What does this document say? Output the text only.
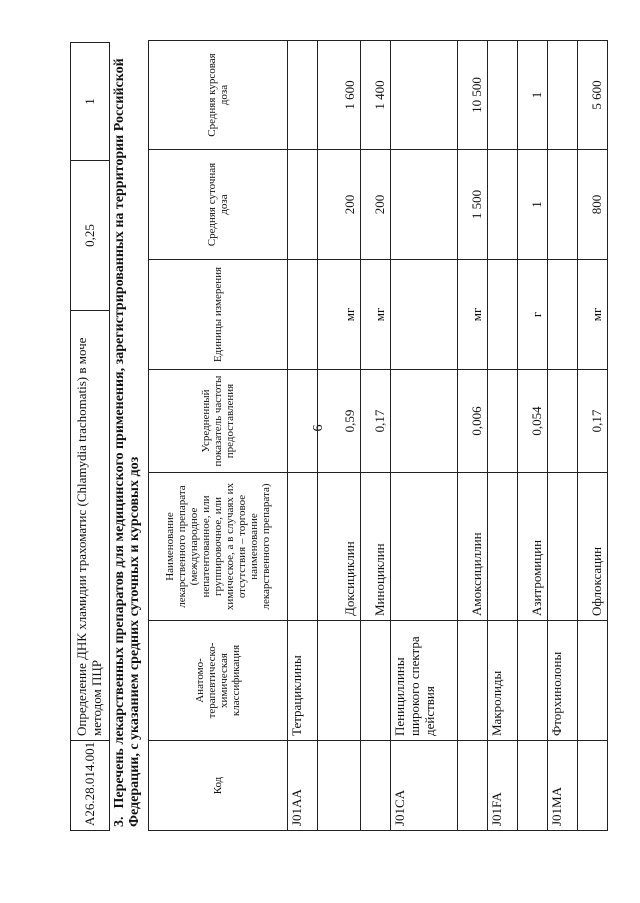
6
A26.28.014.001	Определение ДНК хламидии трахоматис (Chlamydia trachomatis) в моче методом ПЦР	0,25	1
3.Перечень лекарственных препаратов для медицинского применения, зарегистрированных на территории Российской Федерации, с указанием средних суточных и курсовых доз	Код	Анатомо-терапевтическо-химическая классификация	Наименование лекарственного препарата (международное непатентованное, или группировочное, или химическое, а в случаях их отсутствия – торговое наименование лекарственного препарата)	Усредненный показатель частоты предоставления	Единицы измерения	Средняя суточная доза	Средняя курсовая доза
J01AA	Тетрациклины					
		Доксициклин	0,59	мг	200	1 600
		Миноциклин	0,17	мг	200	1 400
J01CA	Пенициллины широкого спектра действия					
		Амоксициллин	0,006	мг	1 500	10 500
J01FA	Макролиды					
		Азитромицин	0,054	г	1	1
J01MA	Фторхинолоны					
		Офлоксацин	0,17	мг	800	5 600
